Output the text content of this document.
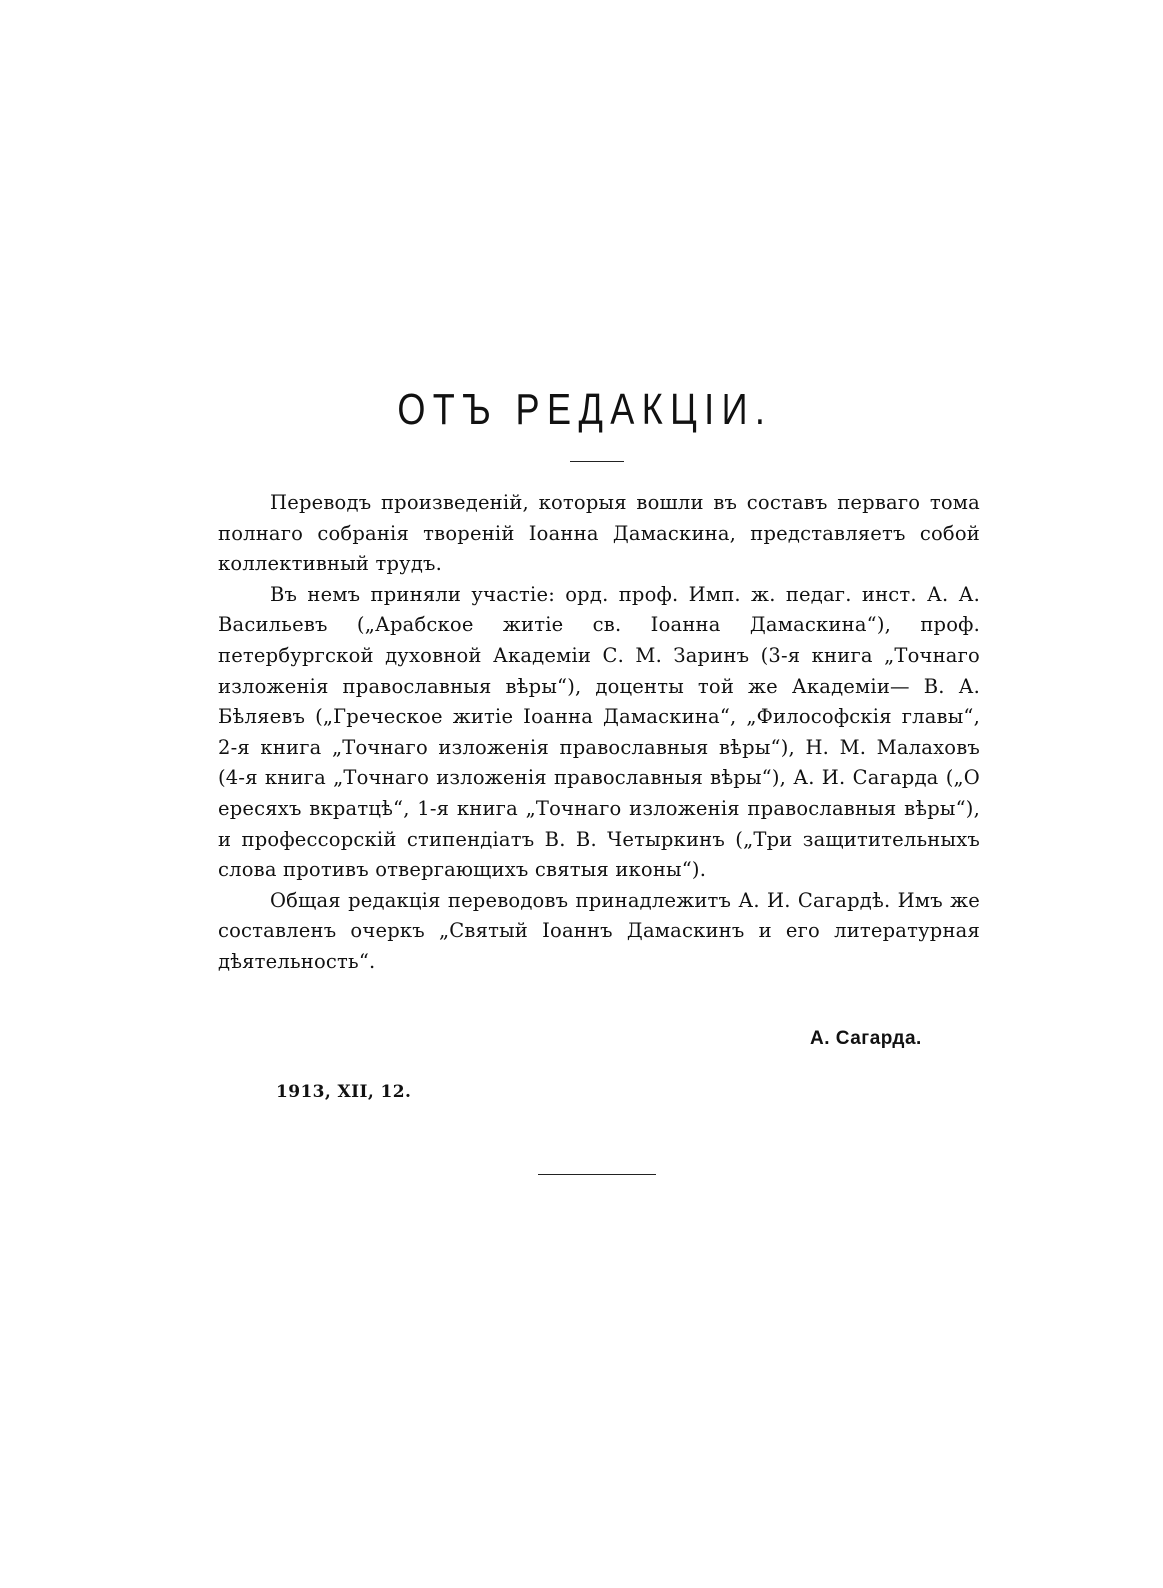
ОТЪ РЕДАКЦІИ.

Переводъ произведеній, которыя вошли въ составъ перваго тома полнаго собранія твореній Іоанна Дамаскина, представляетъ собой коллективный трудъ.

Въ немъ приняли участіе: орд. проф. Имп. ж. педаг. инст. А. А. Васильевъ („Арабское житіе св. Іоанна Дамаскина“), проф. петербургской духовной Академіи С. М. Заринъ (3-я книга „Точнаго изложенія православныя вѣры“), доценты той же Академіи— В. А. Бѣляевъ („Греческое житіе Іоанна Дамаскина“, „Философскія главы“, 2-я книга „Точнаго изложенія православныя вѣры“), Н. М. Малаховъ (4-я книга „Точнаго изложенія православныя вѣры“), А. И. Сагарда („О ересяхъ вкратцѣ“, 1-я книга „Точнаго изложенія православныя вѣры“), и профессорскій стипендіатъ В. В. Четыркинъ („Три защитительныхъ слова противъ отвергающихъ святыя иконы“).

Общая редакція переводовъ принадлежитъ А. И. Сагардѣ. Имъ же составленъ очеркъ „Святый Іоаннъ Дамаскинъ и его литературная дѣятельность“.

А. Сагарда.
1913, XII, 12.
